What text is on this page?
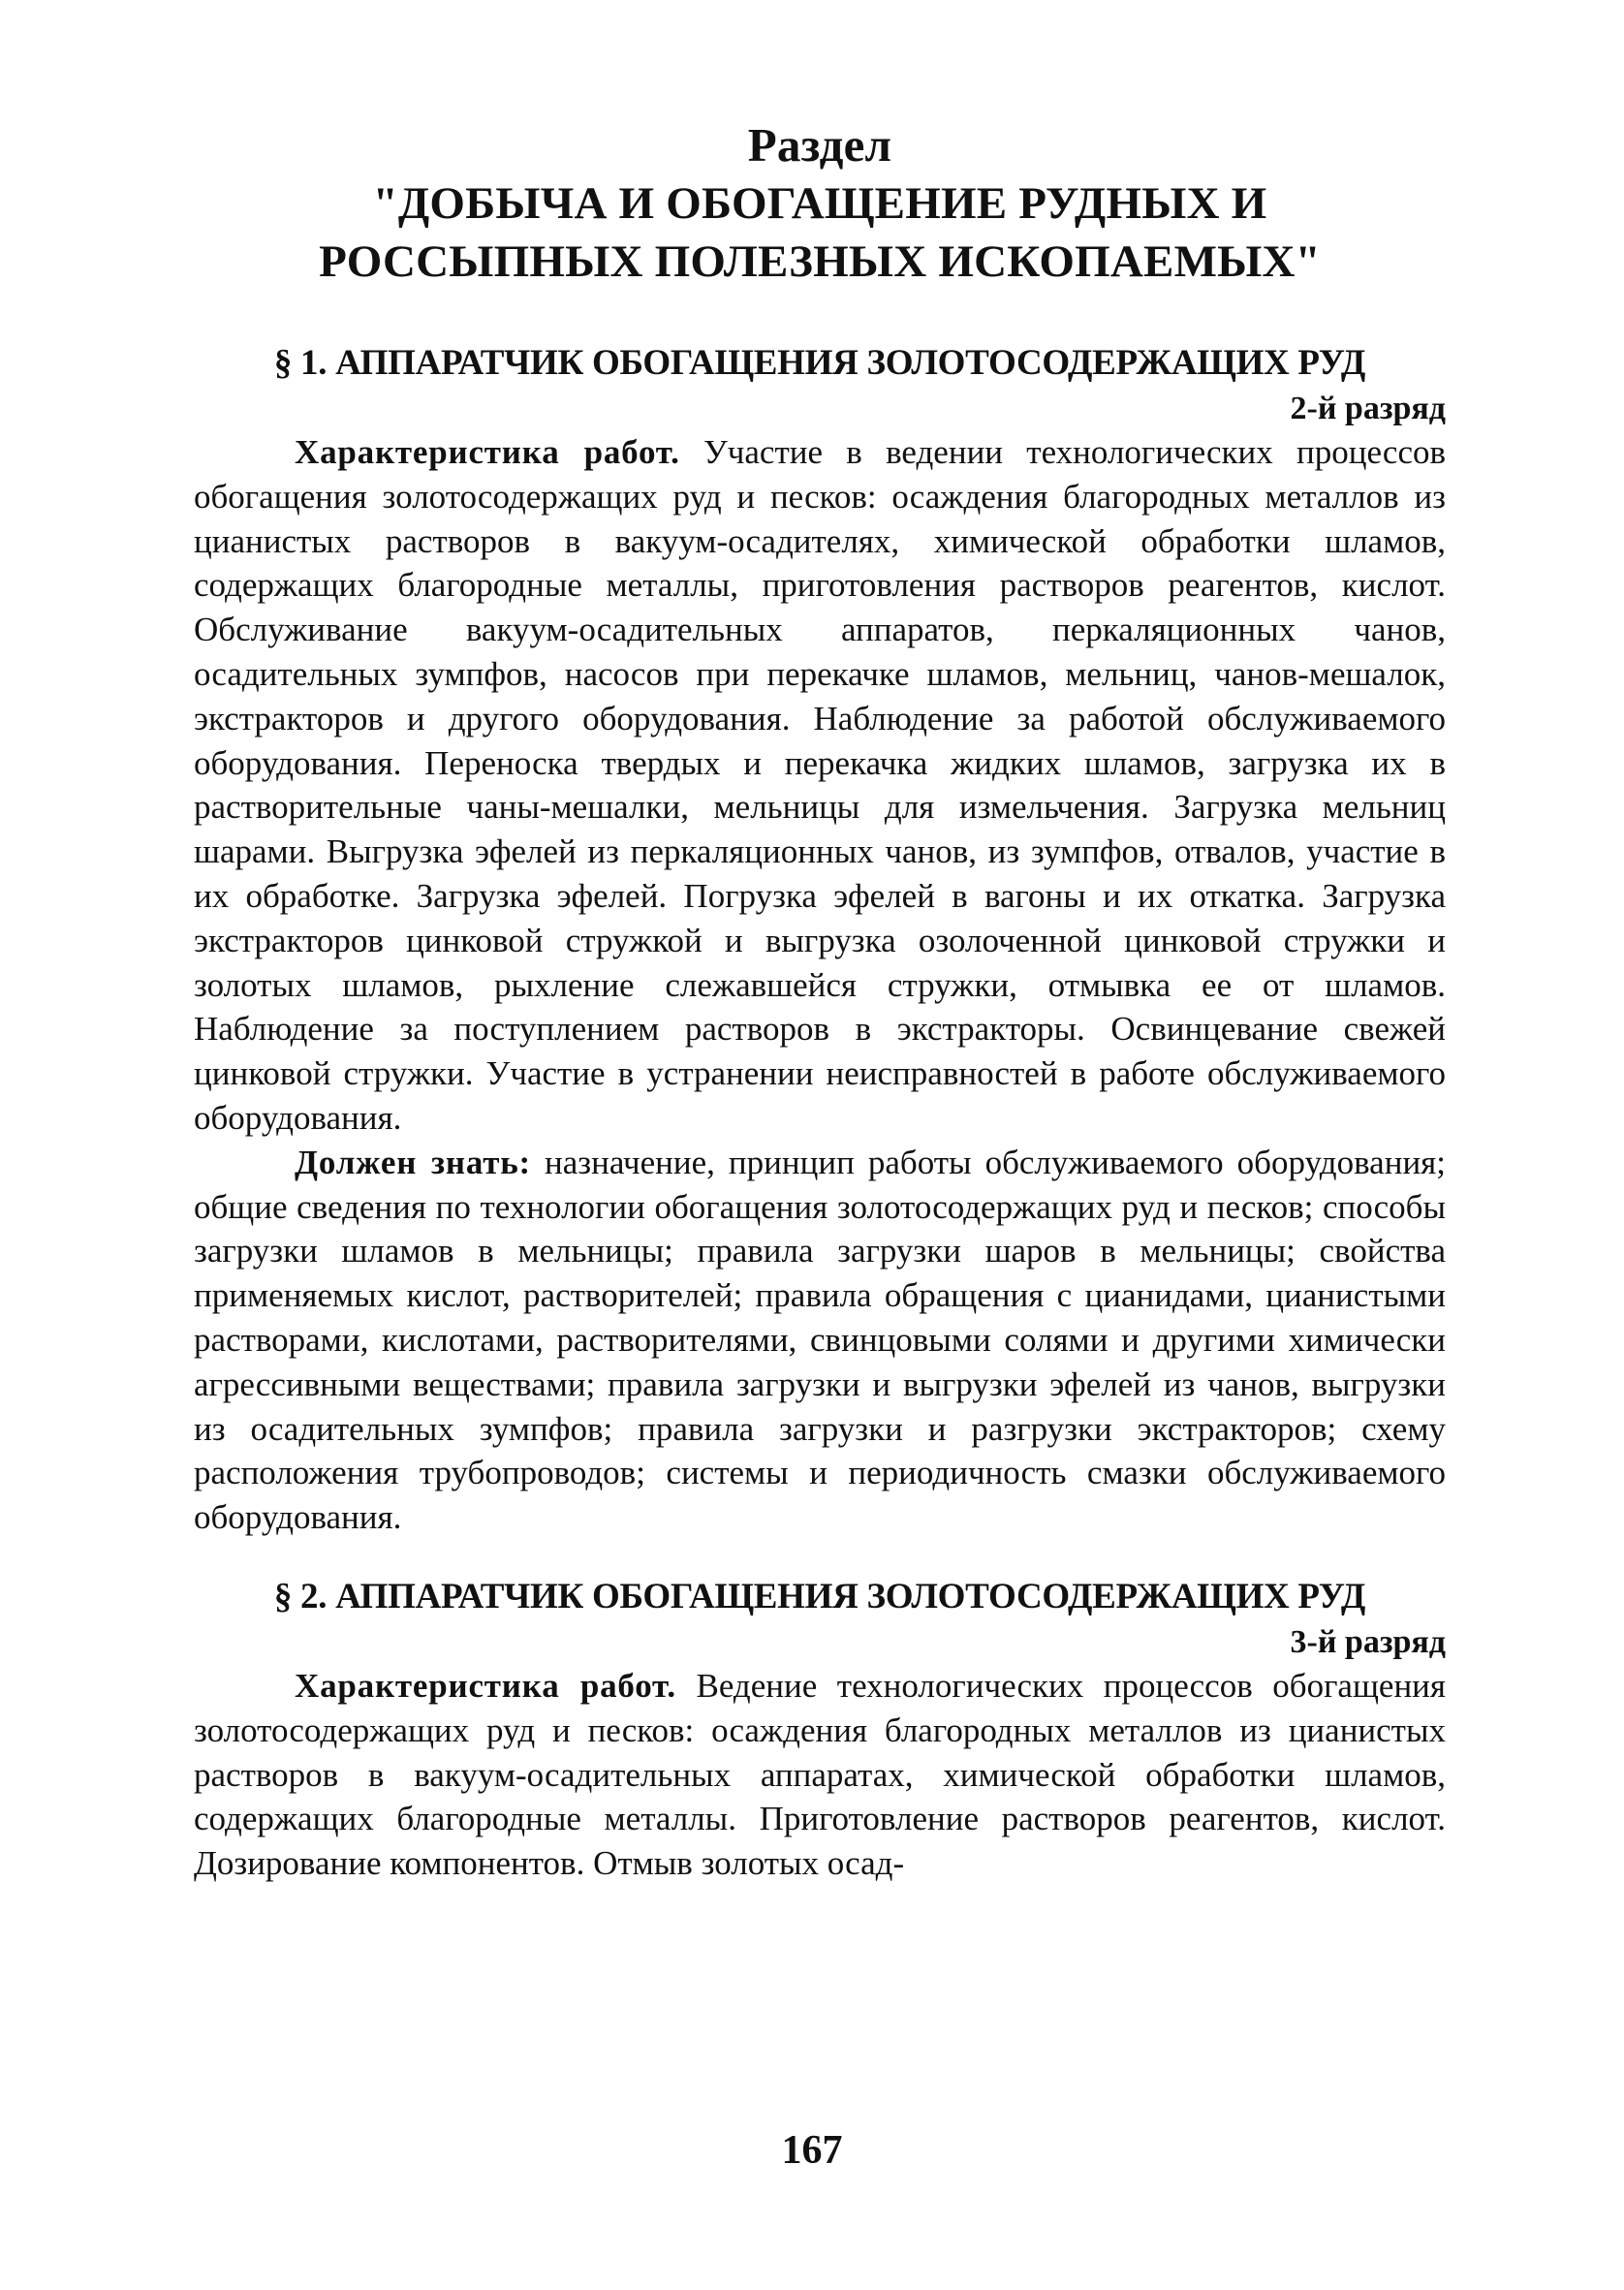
Раздел
"ДОБЫЧА И ОБОГАЩЕНИЕ РУДНЫХ И
РОССЫПНЫХ ПОЛЕЗНЫХ ИСКОПАЕМЫХ"
§ 1. АППАРАТЧИК ОБОГАЩЕНИЯ ЗОЛОТОСОДЕРЖАЩИХ РУД
2-й разряд

Характеристика работ. Участие в ведении технологических процессов обогащения золотосодержащих руд и песков: осаждения благородных металлов из цианистых растворов в вакуум-осадителях, химической обработки шламов, содержащих благородные металлы, приготовления растворов реагентов, кислот. Обслуживание вакуум-осадительных аппаратов, перкаляционных чанов, осадительных зумпфов, насосов при перекачке шламов, мельниц, чанов-мешалок, экстракторов и другого оборудования. Наблюдение за работой обслуживаемого оборудования. Переноска твердых и перекачка жидких шламов, загрузка их в растворительные чаны-мешалки, мельницы для измельчения. Загрузка мельниц шарами. Выгрузка эфелей из перкаляционных чанов, из зумпфов, отвалов, участие в их обработке. Загрузка эфелей. Погрузка эфелей в вагоны и их откатка. Загрузка экстракторов цинковой стружкой и выгрузка озолоченной цинковой стружки и золотых шламов, рыхление слежавшейся стружки, отмывка ее от шламов. Наблюдение за поступлением растворов в экстракторы. Освинцевание свежей цинковой стружки. Участие в устранении неисправностей в работе обслуживаемого оборудования.

Должен знать: назначение, принцип работы обслуживаемого оборудования; общие сведения по технологии обогащения золотосодержащих руд и песков; способы загрузки шламов в мельницы; правила загрузки шаров в мельницы; свойства применяемых кислот, растворителей; правила обращения с цианидами, цианистыми растворами, кислотами, растворителями, свинцовыми солями и другими химически агрессивными веществами; правила загрузки и выгрузки эфелей из чанов, выгрузки из осадительных зумпфов; правила загрузки и разгрузки экстракторов; схему расположения трубопроводов; системы и периодичность смазки обслуживаемого оборудования.

§ 2. АППАРАТЧИК ОБОГАЩЕНИЯ ЗОЛОТОСОДЕРЖАЩИХ РУД
3-й разряд

Характеристика работ. Ведение технологических процессов обогащения золотосодержащих руд и песков: осаждения благородных металлов из цианистых растворов в вакуум-осадительных аппаратах, химической обработки шламов, содержащих благородные металлы. Приготовление растворов реагентов, кислот. Дозирование компонентов. Отмыв золотых осад-

167
